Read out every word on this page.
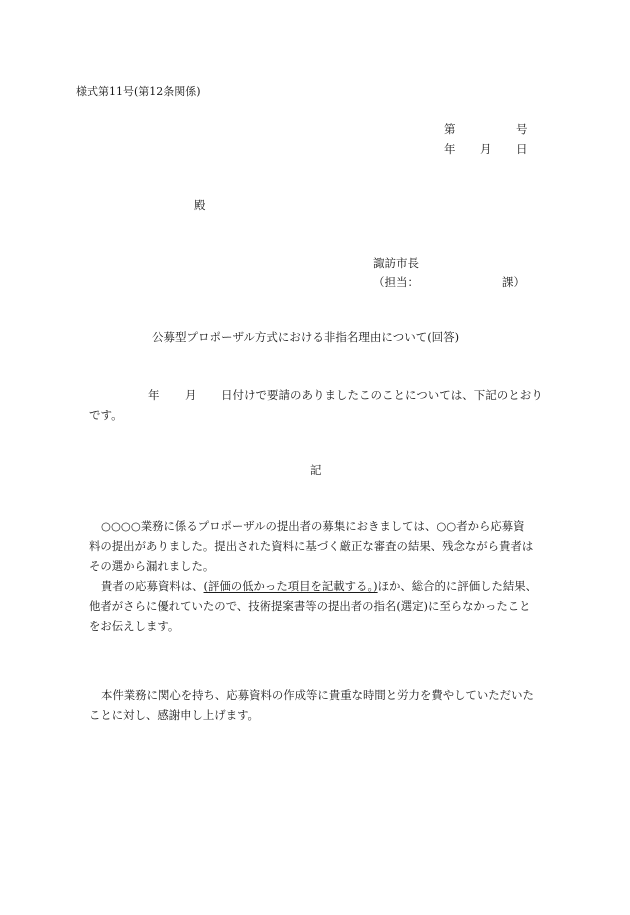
様式第11号(第12条関係)
第	号
年 月 日
殿
諏訪市長
（担当：	課）
公募型プロポーザル方式における非指名理由について(回答)
年 月 日付けで要請のありましたこのことについては、下記のとおり
です。
記
○○○○業務に係るプロポーザルの提出者の募集におきましては、○○者から応募資
料の提出がありました。提出された資料に基づく厳正な審査の結果、残念ながら貴者は
その選から漏れました。
貴者の応募資料は、(評価の低かった項目を記載する。)ほか、総合的に評価した結果、
他者がさらに優れていたので、技術提案書等の提出者の指名(選定)に至らなかったこと
をお伝えします。
本件業務に関心を持ち、応募資料の作成等に貴重な時間と労力を費やしていただいた
ことに対し、感謝申し上げます。
